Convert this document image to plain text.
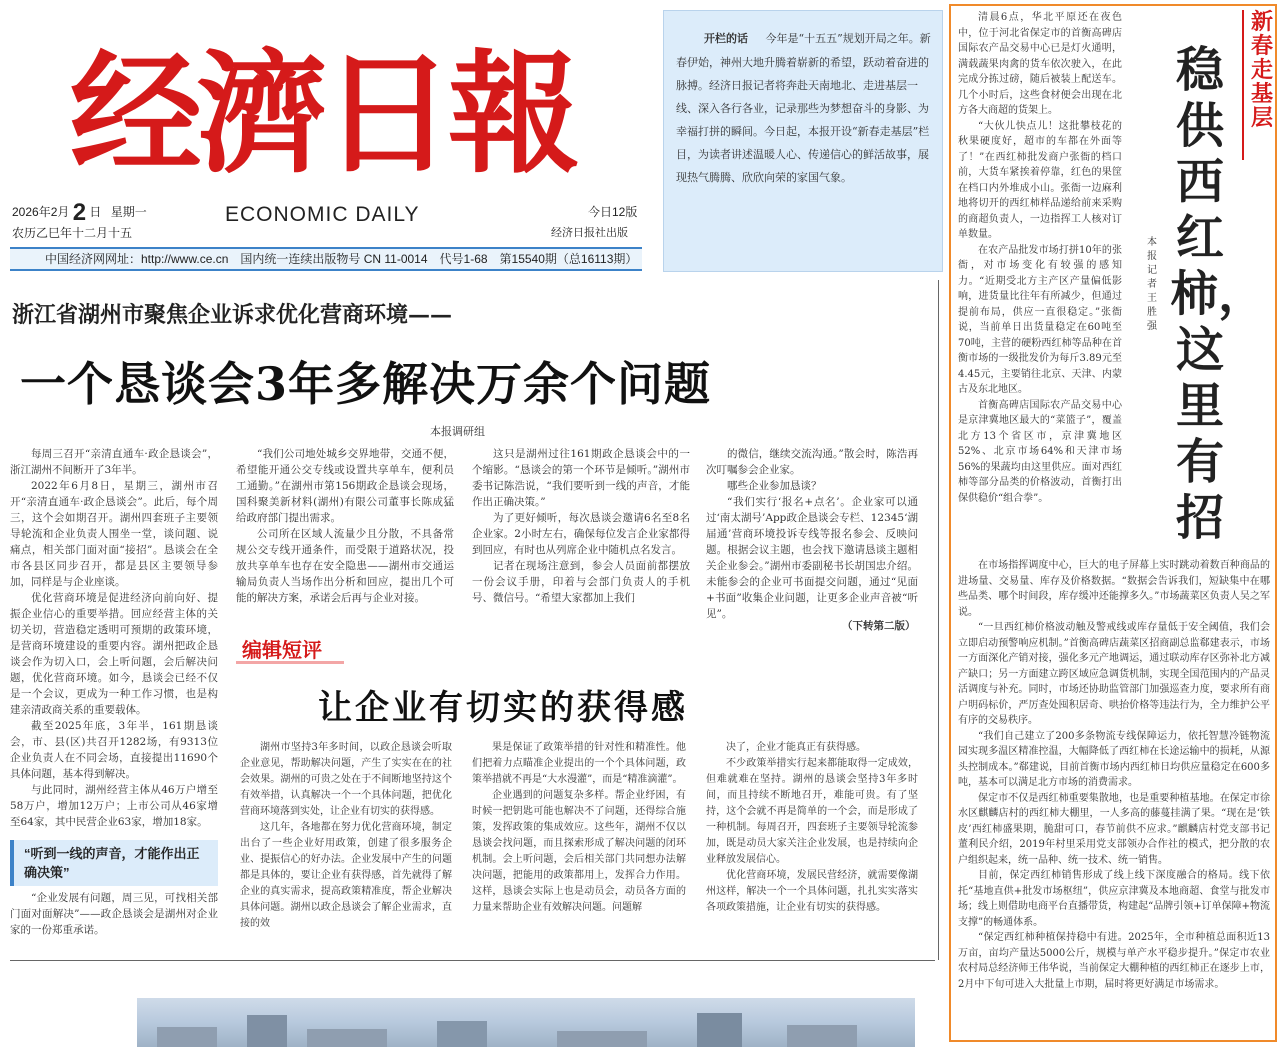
经濟日報
2026年2月 2 日 星期一
农历乙巳年十二月十五
ECONOMIC DAILY	今日12版
经济日报社出版
中国经济网网址：http://www.ce.cn　国内统一连续出版物号 CN 11-0014　代号1-68　第15540期（总16113期）
开栏的话 今年是“十五五”规划开局之年。新春伊始，神州大地升腾着崭新的希望，跃动着奋进的脉搏。经济日报记者将奔赴天南地北、走进基层一线、深入各行各业，记录那些为梦想奋斗的身影、为幸福打拼的瞬间。今日起，本报开设“新春走基层”栏目，为读者讲述温暖人心、传递信心的鲜活故事，展现热气腾腾、欣欣向荣的家国气象。
浙江省湖州市聚焦企业诉求优化营商环境——
一个恳谈会3年多解决万余个问题
本报调研组

每周三召开“亲清直通车·政企恳谈会”，浙江湖州不间断开了3年半。

2022年6月8日，星期三，湖州市召开“亲清直通车·政企恳谈会”。此后，每个周三，这个会如期召开。湖州四套班子主要领导轮流和企业负责人围坐一堂，谈问题、说痛点，相关部门面对面“接招”。恳谈会在全市各县区同步召开，都是县区主要领导参加，同样是与企业座谈。

优化营商环境是促进经济向前向好、提振企业信心的重要举措。回应经营主体的关切关切，营造稳定透明可预期的政策环境，是营商环境建设的重要内容。湖州把政企恳谈会作为切入口，会上听问题，会后解决问题，优化营商环境。如今，恳谈会已经不仅是一个会议，更成为一种工作习惯，也是构建亲清政商关系的重要载体。

截至2025年底，3年半，161期恳谈会，市、县(区)共召开1282场，有9313位企业负责人在不同会场，直接提出11690个具体问题，基本得到解决。

与此同时，湖州经营主体从46万户增至58万户，增加12万户；上市公司从46家增至64家，其中民营企业63家，增加18家。

“听到一线的声音，才能作出正确决策”

“企业发展有问题，周三见，可找相关部门面对面解决”——政企恳谈会是湖州对企业家的一份郑重承诺。

“我们公司地处城乡交界地带，交通不便，希望能开通公交专线或设置共享单车，便利员工通勤。”在湖州市第156期政企恳谈会现场，国科聚美新材料(湖州)有限公司董事长陈成猛给政府部门提出需求。

公司所在区域人流量少且分散，不具备常规公交专线开通条件，而受限于道路状况，投放共享单车也存在安全隐患——湖州市交通运输局负责人当场作出分析和回应，提出几个可能的解决方案，承诺会后再与企业对接。

这只是湖州过往161期政企恳谈会中的一个缩影。“恳谈会的第一个环节是倾听。”湖州市委书记陈浩说，“我们要听到一线的声音，才能作出正确决策。”

为了更好倾听，每次恳谈会邀请6名至8名企业家。2小时左右，确保每位发言企业家都得到回应，有时也从列席企业中随机点名发言。

记者在现场注意到，参会人员面前都摆放一份会议手册，印着与会部门负责人的手机号、微信号。“希望大家都加上我们

的微信，继续交流沟通。”散会时，陈浩再次叮嘱参会企业家。

哪些企业参加恳谈？

“我们实行‘报名+点名’。企业家可以通过‘南太湖号’App政企恳谈会专栏、12345‘湖届通’营商环境投诉专线等报名参会、反映问题。根据会议主题，也会找下邀请恳谈主题相关企业参会。”湖州市委副秘书长胡国忠介绍。未能参会的企业可书面提交问题，通过“见面+书面”收集企业问题，让更多企业声音被“听见”。

（下转第二版）
编辑短评
让企业有切实的获得感

湖州市坚持3年多时间，以政企恳谈会听取企业意见，帮助解决问题，产生了实实在在的社会效果。湖州的可贵之处在于不间断地坚持这个有效举措，认真解决一个一个具体问题，把优化营商环境落到实处，让企业有切实的获得感。

这几年，各地都在努力优化营商环境，制定出台了一些企业好用政策，创建了很多服务企业、提振信心的好办法。企业发展中产生的问题都是具体的，要让企业有获得感，首先就得了解企业的真实需求，提高政策精准度，帮企业解决具体问题。湖州以政企恳谈会了解企业需求，直接的效

果是保证了政策举措的针对性和精准性。他们把着力点瞄准企业提出的一个个具体问题，政策举措就不再是“大水漫灌”，而是“精准滴灌”。

企业遇到的问题复杂多样。帮企业纾困，有时候一把钥匙可能也解决不了问题，还得综合施策，发挥政策的集成效应。这些年，湖州不仅以恳谈会找问题，而且探索形成了解决问题的闭环机制。会上听问题，会后相关部门共同想办法解决问题，把能用的政策都用上，发挥合力作用。这样，恳谈会实际上也是动员会，动员各方面的力量来帮助企业有效解决问题。问题解

决了，企业才能真正有获得感。

不少政策举措实行起来都能取得一定成效，但难就难在坚持。湖州的恳谈会坚持3年多时间，而且持续不断地召开，难能可贵。有了坚持，这个会就不再是简单的一个会，而是形成了一种机制。每周召开，四套班子主要领导轮流参加，既是动员大家关注企业发展，也是持续向企业释放发展信心。

优化营商环境，发展民营经济，就需要像湖州这样，解决一个一个具体问题，扎扎实实落实各项政策措施，让企业有切实的获得感。

新春走基层
稳供西红柿，这里有招
本报记者　王胜强

清晨6点，华北平原还在夜色中，位于河北省保定市的首衡高碑店国际农产品交易中心已是灯火通明，满载蔬果肉禽的货车依次驶入，在此完成分拣过磅，随后被装上配送车。几个小时后，这些食材便会出现在北方各大商超的货架上。

“大伙儿快点儿！这批攀枝花的秋果硬度好，超市的车都在外面等了！”在西红柿批发商户张衙的档口前，大货车紧挨着停靠，红色的果筐在档口内外堆成小山。张衙一边麻利地将切开的西红柿样品递给前来采购的商超负责人，一边指挥工人核对订单数量。

在农产品批发市场打拼10年的张衙，对市场变化有较强的感知力。“近期受北方主产区产量偏低影响，进货量比往年有所减少，但通过提前布局，供应一直很稳定。”张衙说，当前单日出货量稳定在60吨至70吨，主营的硬粉西红柿等品种在首衡市场的一级批发价为每斤3.89元至4.45元，主要销往北京、天津、内蒙古及东北地区。

首衡高碑店国际农产品交易中心是京津冀地区最大的“菜篮子”，覆盖北方13个省区市，京津冀地区52%、北京市场64%和天津市场56%的果蔬均由这里供应。面对西红柿等部分品类的价格波动，首衡打出保供稳价“组合拳”。

在市场指挥调度中心，巨大的电子屏幕上实时跳动着数百种商品的进场量、交易量、库存及价格数据。“数据会告诉我们，短缺集中在哪些品类、哪个时间段，库存缓冲还能撑多久。”市场蔬菜区负责人吴之军说。

“一旦西红柿价格波动触及警戒线或库存量低于安全阈值，我们会立即启动预警响应机制。”首衡高碑店蔬菜区招商副总监郗建表示，市场一方面深化产销对接，强化多元产地调运，通过联动库存区弥补北方减产缺口；另一方面建立跨区域应急调货机制，实现全国范围内的产品灵活调度与补充。同时，市场还协助监管部门加强巡查力度，要求所有商户明码标价，严厉查处囤积居奇、哄抬价格等违法行为，全力维护公平有序的交易秩序。

“我们自己建立了200多条物流专线保障运力，依托智慧冷链物流园实现多温区精准控温，大幅降低了西红柿在长途运输中的损耗，从源头控制成本。”郗建说，目前首衡市场内西红柿日均供应量稳定在600多吨，基本可以满足北方市场的消费需求。

保定市不仅是西红柿重要集散地，也是重要种植基地。在保定市徐水区麒麟店村的西红柿大棚里，一人多高的藤蔓挂满了果。“现在是‘铁皮’西红柿盛果期，脆甜可口，春节前供不应求。”麒麟店村党支部书记董利民介绍，2019年村里采用党支部领办合作社的模式，把分散的农户组织起来，统一品种、统一技术、统一销售。

目前，保定西红柿销售形成了线上线下深度融合的格局。线下依托“基地直供+批发市场枢纽”，供应京津冀及本地商超、食堂与批发市场；线上则借助电商平台直播带货，构建起“品牌引领+订单保障+物流支撑”的畅通体系。

“保定西红柿种植保持稳中有进。2025年，全市种植总面积近13万亩，亩均产量达5000公斤，规模与单产水平稳步提升。”保定市农业农村局总经济师王伟华说，当前保定大棚种植的西红柿正在逐步上市，2月中下旬可进入大批量上市期，届时将更好满足市场需求。
